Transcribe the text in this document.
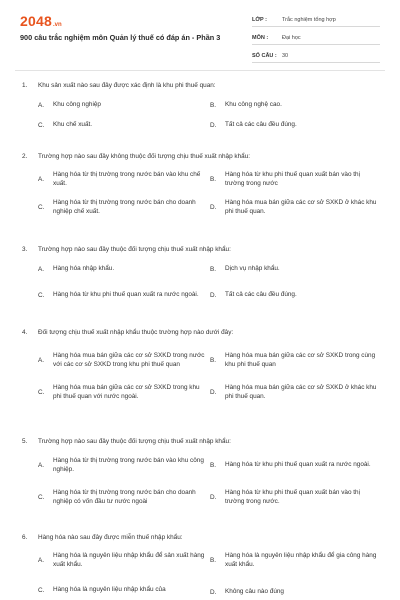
2048 .vn
900 câu trắc nghiệm môn Quản lý thuế có đáp án - Phần 3
LỚP :	Trắc nghiệm tổng hợp
MÔN :	Đại học
SỐ CÂU : 30
1. Khu sản xuất nào sau đây được xác định là khu phi thuế quan:
A.	Khu công nghiệp	B.	Khu công nghệ cao.
C.	Khu chế xuất.	D.	Tất cả các câu đều đúng.
2. Trường hợp nào sau đây không thuộc đối tượng chịu thuế xuất nhập khẩu:
A.
Hàng hóa từ thị trường trong nước bán vào khu chế xuất.
B.
Hàng hóa từ khu phi thuế quan xuất bán vào thị trường trong nước
C.
Hàng hóa từ thị trường trong nước bán cho doanh nghiệp chế xuất.
D.
Hàng hóa mua bán giữa các cơ sở SXKD ở khác khu phi thuế quan.
3. Trường hợp nào sau đây thuộc đối tượng chịu thuế xuất nhập khẩu:
A.	Hàng hóa nhập khẩu.	B.	Dịch vụ nhập khẩu.
C.	Hàng hóa từ khu phi thuế quan xuất ra nước ngoài. D.	Tất cả các câu đều đúng.
4. Đối tượng chịu thuế xuất nhập khẩu thuộc trường hợp nào dưới đây:
A.
Hàng hóa mua bán giữa các cơ sở SXKD trong nước với các cơ sở SXKD trong khu phi thuế quan
B.
Hàng hóa mua bán giữa các cơ sở SXKD trong cùng khu phi thuế quan
C.
Hàng hóa mua bán giữa các cơ sở SXKD trong khu phi thuế quan với nước ngoài.
D.
Hàng hóa mua bán giữa các cơ sở SXKD ở khác khu phi thuế quan.
5. Trường hợp nào sau đây thuộc đối tượng chịu thuế xuất nhập khẩu:
A.
Hàng hóa từ thị trường trong nước bán vào khu công nghiệp.
B.	Hàng hóa từ khu phi thuế quan xuất ra nước ngoài.
C.
Hàng hóa từ thị trường trong nước bán cho doanh nghiệp có vốn đầu tư nước ngoài
D.
Hàng hóa từ khu phi thuế quan xuất bán vào thị trường trong nước.
6. Hàng hóa nào sau đây được miễn thuế nhập khẩu:
A.
Hàng hóa là nguyên liệu nhập khẩu để sản xuất hàng xuất khẩu.
B.
Hàng hóa là nguyên liệu nhập khẩu để gia công hàng xuất khẩu.
C.	Hàng hóa là nguyên liệu nhập khẩu của	D.	Không câu nào đúng
